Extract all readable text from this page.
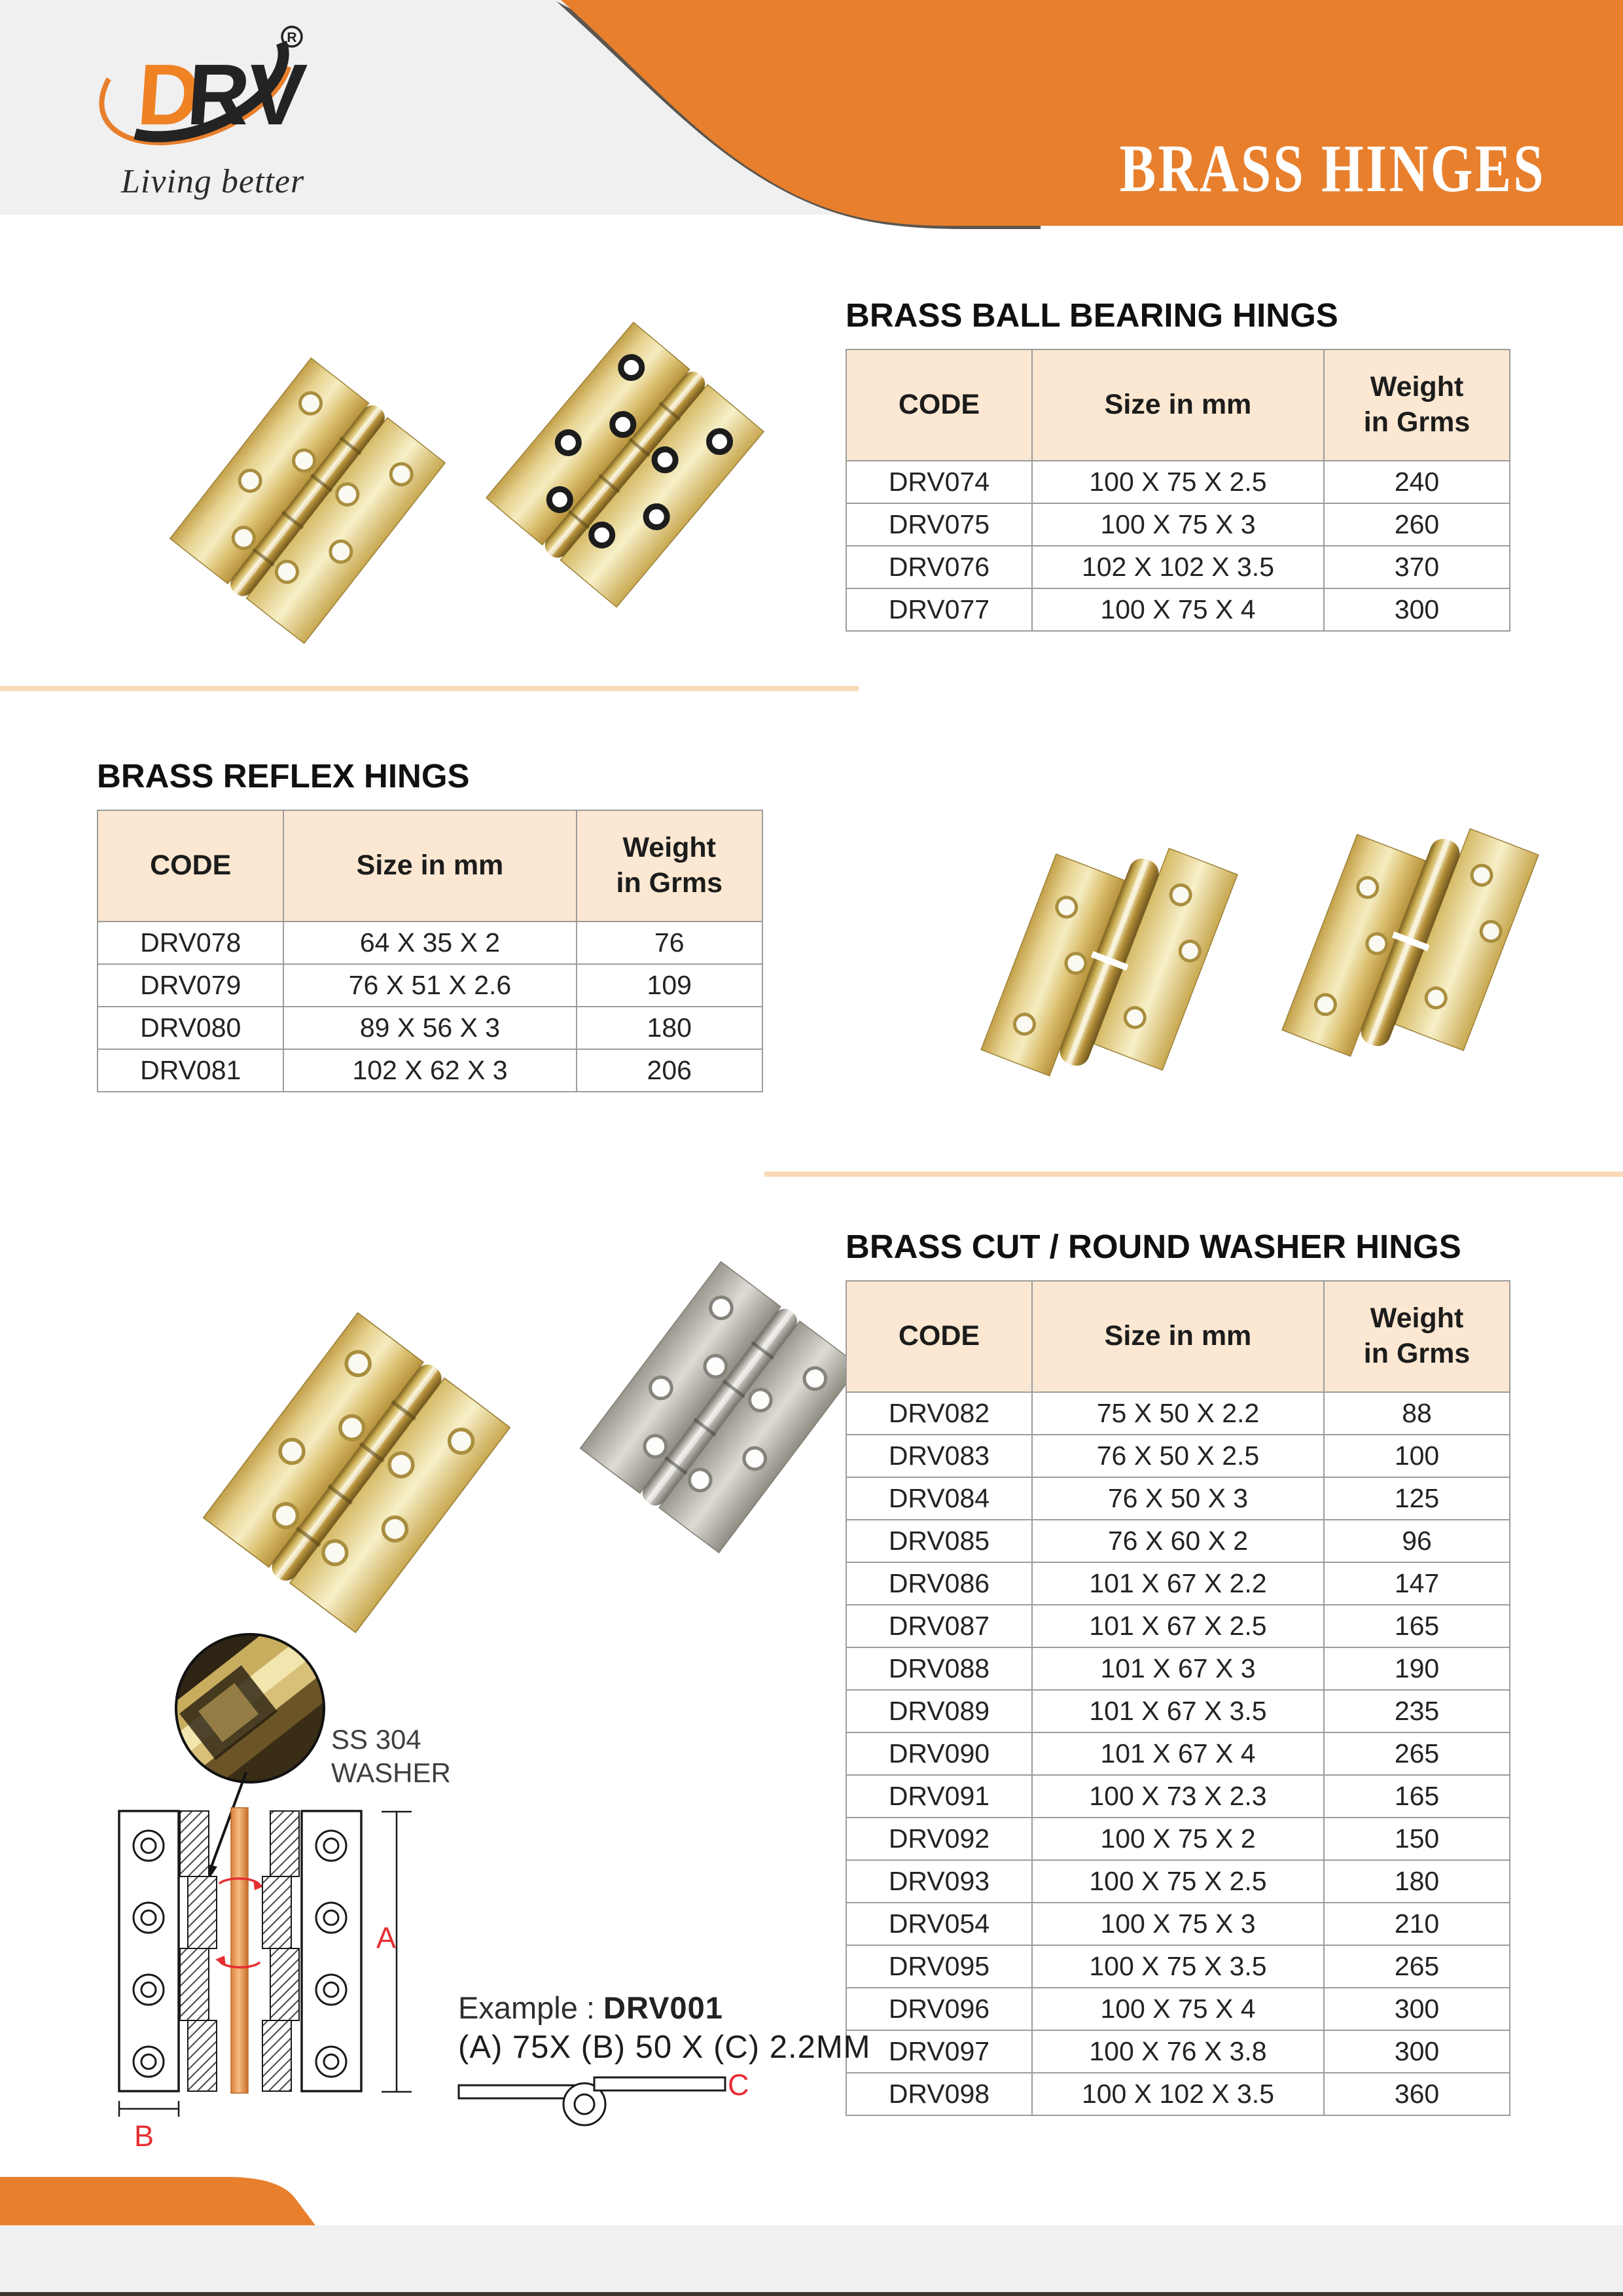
D
RV
R
Living better	BRASS HINGES
BRASS BALL BEARING HINGS
CODE	Size in mm	Weight
in Grms
DRV074	100 X 75 X 2.5	240
DRV075	100 X 75 X 3	260
DRV076	102 X 102 X 3.5	370
DRV077	100 X 75 X 4	300
BRASS REFLEX HINGS
CODE	Size in mm	Weight
in Grms
DRV078	64 X 35 X 2	76
DRV079	76 X 51 X 2.6	109
DRV080	89 X 56 X 3	180
DRV081	102 X 62 X 3	206
BRASS CUT / ROUND WASHER HINGS
CODE	Size in mm	Weight
in Grms
DRV082	75 X 50 X 2.2	88
DRV083	76 X 50 X 2.5	100
DRV084	76 X 50 X 3	125
DRV085	76 X 60 X 2	96
DRV086	101 X 67 X 2.2	147
DRV087	101 X 67 X 2.5	165
DRV088	101 X 67 X 3	190
DRV089	101 X 67 X 3.5	235
DRV090	101 X 67 X 4	265
DRV091	100 X 73 X 2.3	165
DRV092	100 X 75 X 2	150
DRV093	100 X 75 X 2.5	180
DRV054	100 X 75 X 3	210
DRV095	100 X 75 X 3.5	265
DRV096	100 X 75 X 4	300
DRV097	100 X 76 X 3.8	300
DRV098	100 X 102 X 3.5	360
SS 304
WASHER
A
B
C
Example : DRV001
(A) 75X (B) 50 X (C) 2.2MM
